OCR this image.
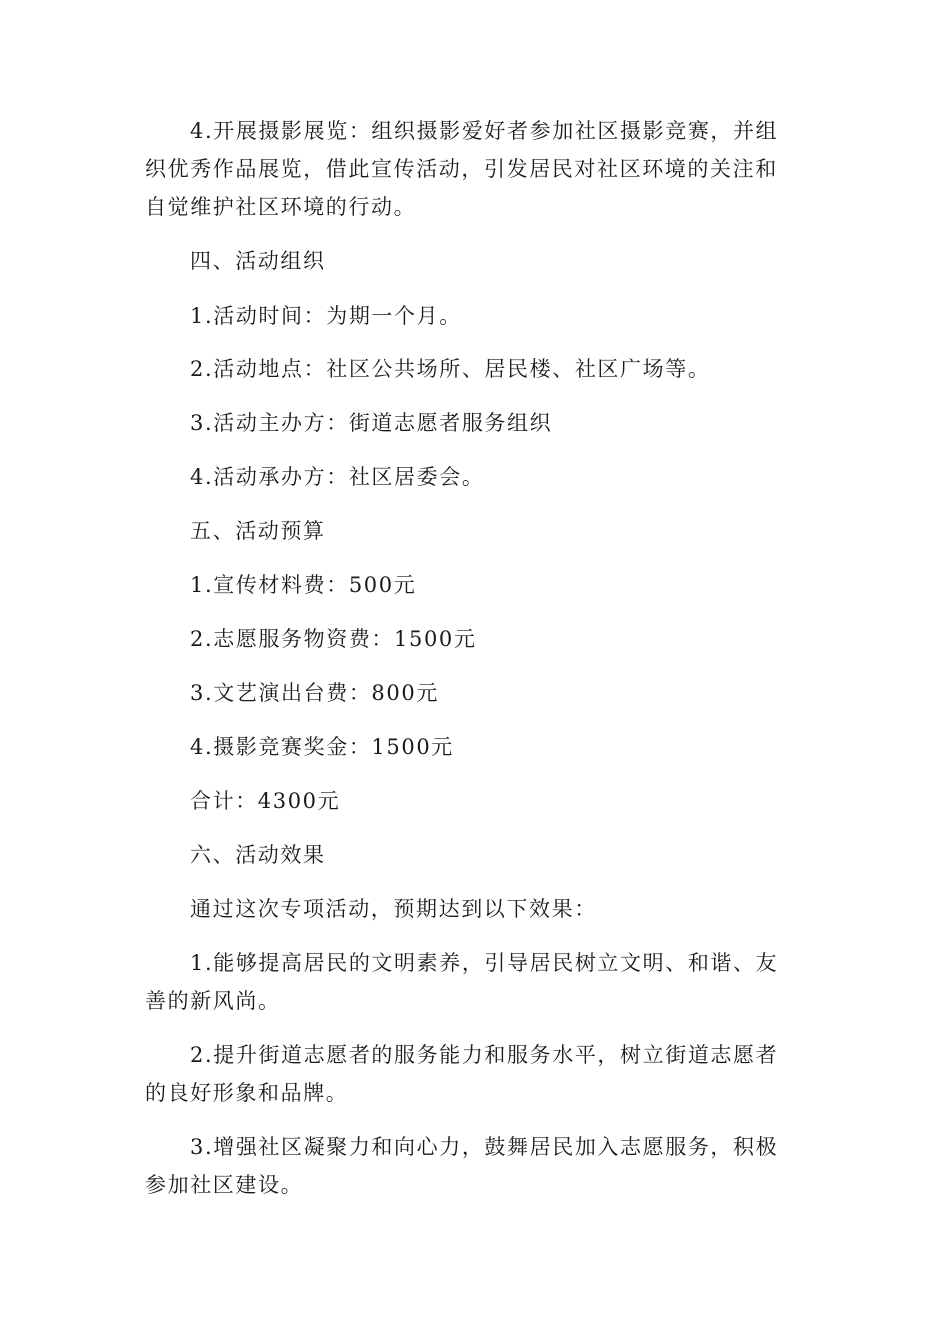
4.开展摄影展览：组织摄影爱好者参加社区摄影竞赛，并组织优秀作品展览，借此宣传活动，引发居民对社区环境的关注和自觉维护社区环境的行动。

四、活动组织

1.活动时间：为期一个月。

2.活动地点：社区公共场所、居民楼、社区广场等。

3.活动主办方：街道志愿者服务组织

4.活动承办方：社区居委会。

五、活动预算

1.宣传材料费：500元

2.志愿服务物资费：1500元

3.文艺演出台费：800元

4.摄影竞赛奖金：1500元

合计：4300元

六、活动效果

通过这次专项活动，预期达到以下效果：

1.能够提高居民的文明素养，引导居民树立文明、和谐、友善的新风尚。

2.提升街道志愿者的服务能力和服务水平，树立街道志愿者的良好形象和品牌。

3.增强社区凝聚力和向心力，鼓舞居民加入志愿服务，积极参加社区建设。
